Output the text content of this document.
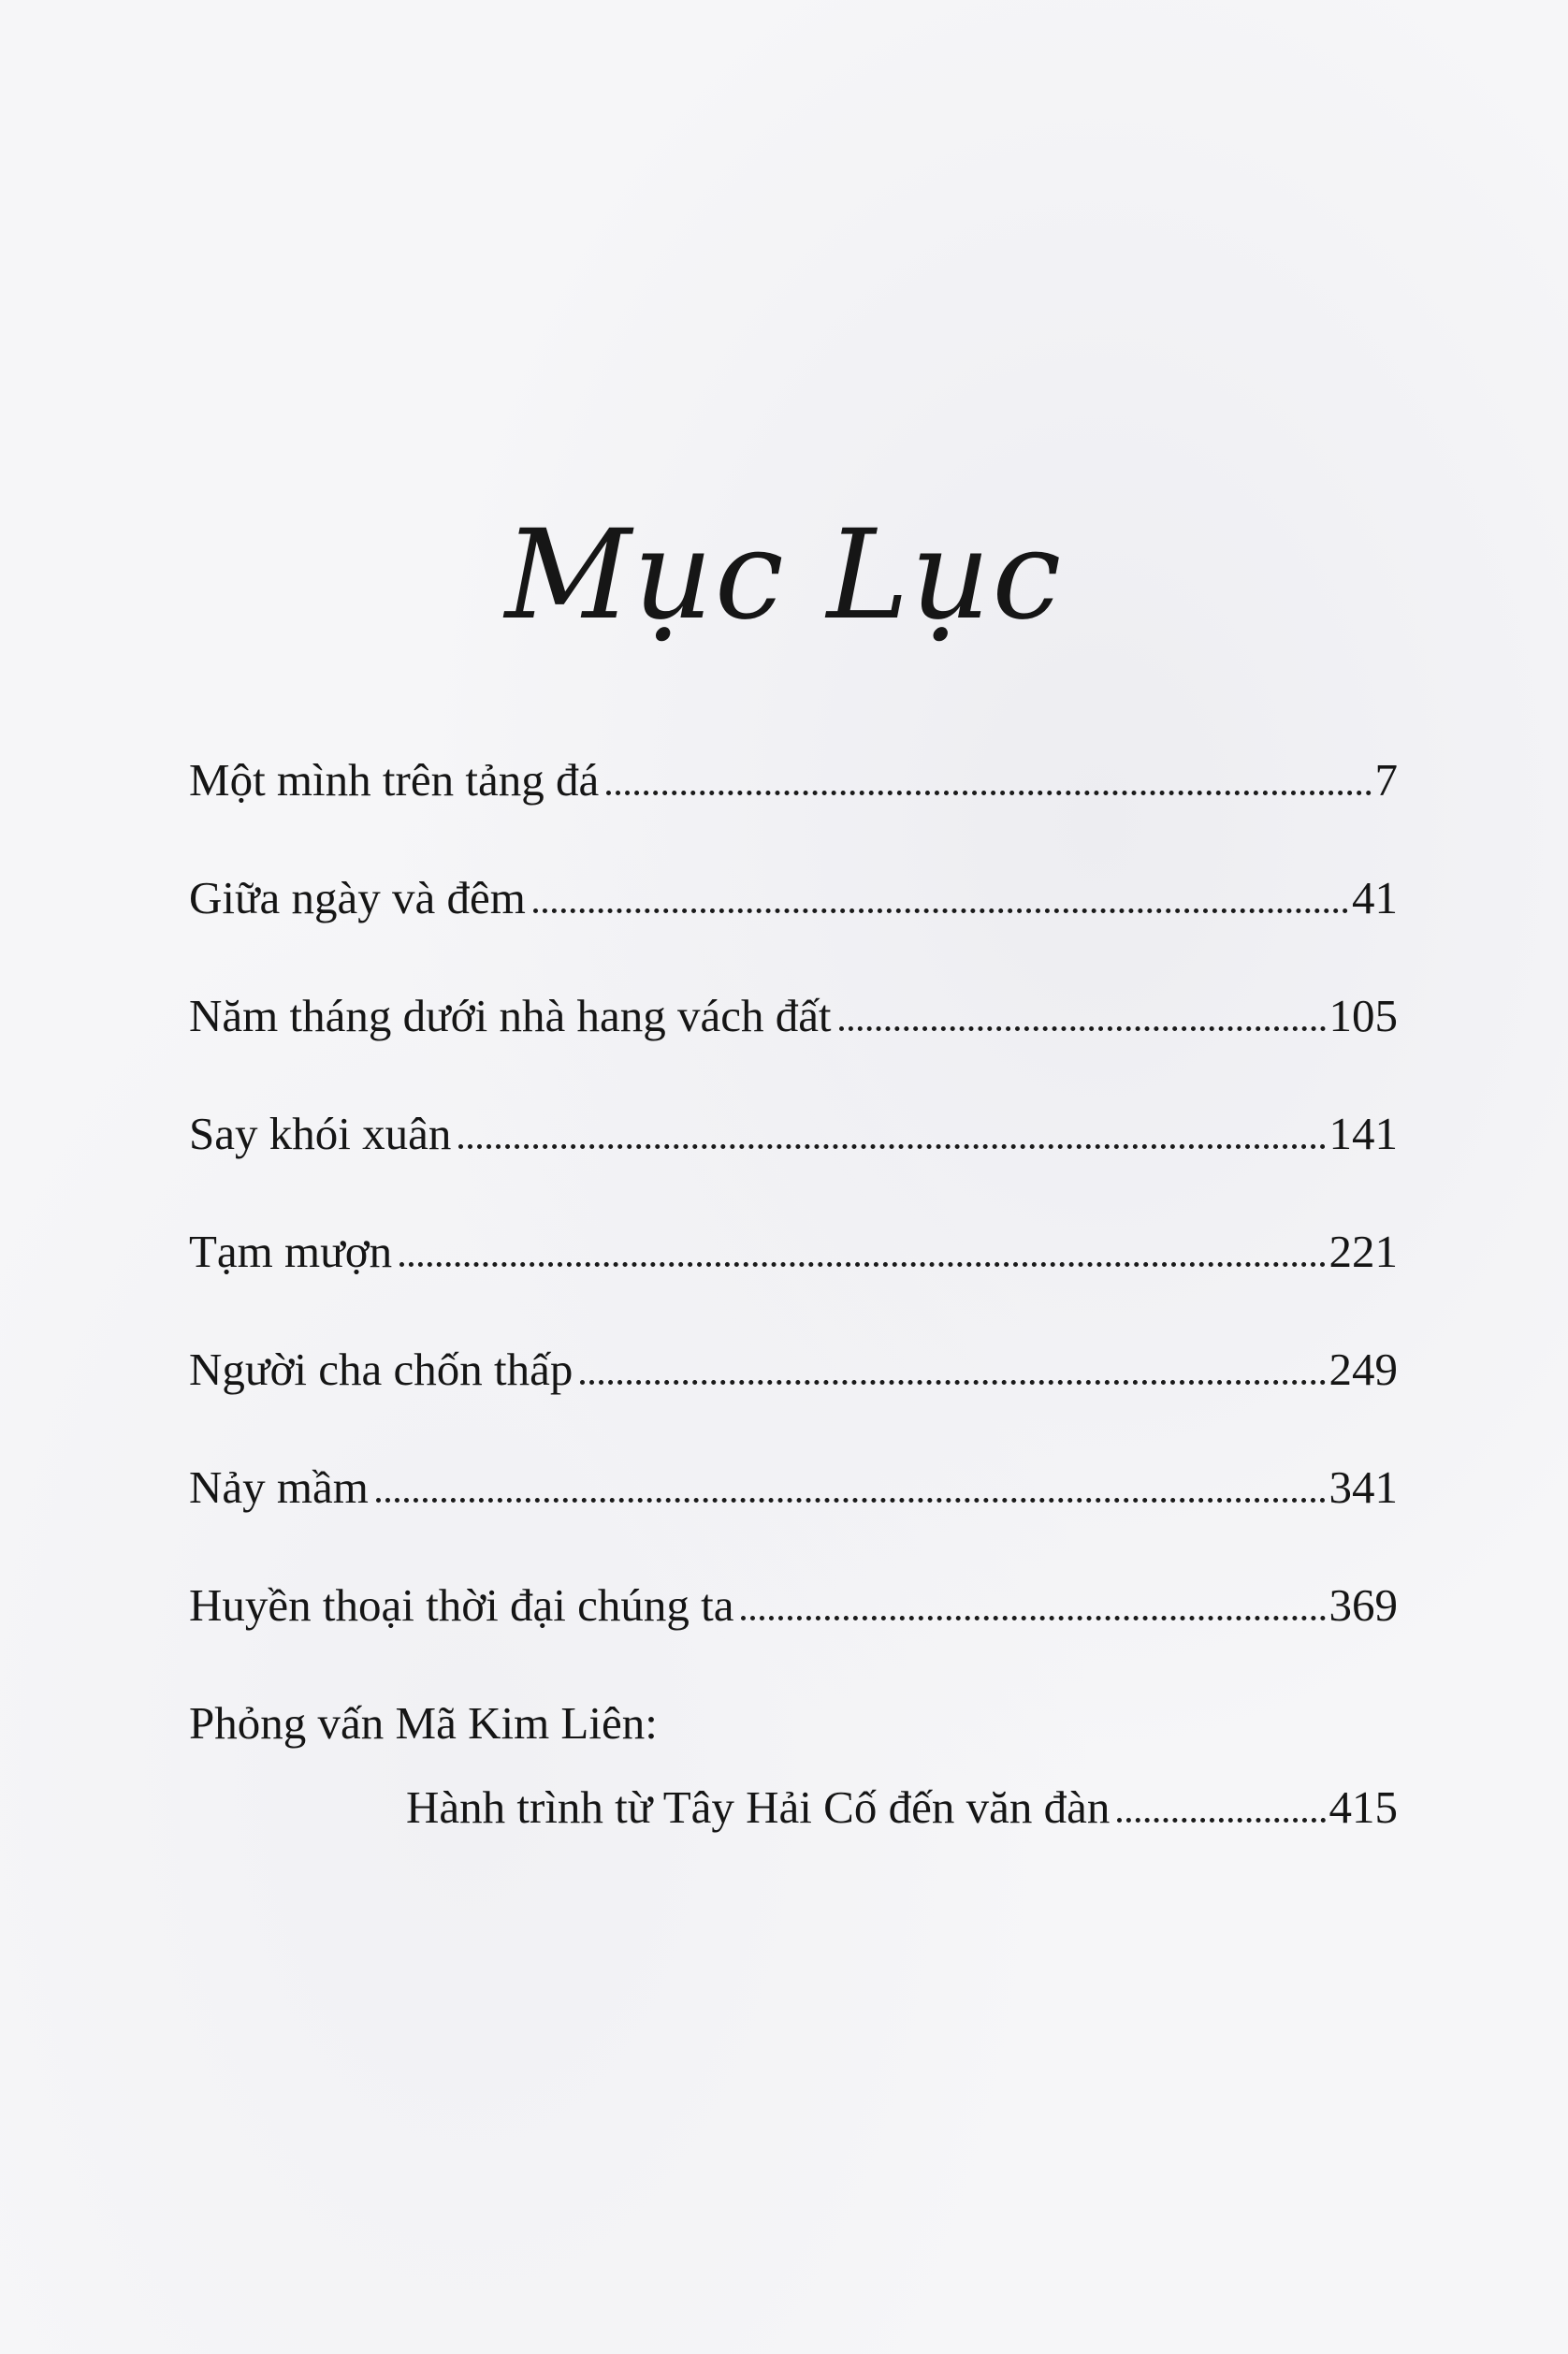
Mục Lục
Một mình trên tảng đá	7
Giữa ngày và đêm	41
Năm tháng dưới nhà hang vách đất	105
Say khói xuân	141
Tạm mượn	221
Người cha chốn thấp	249
Nảy mầm	341
Huyền thoại thời đại chúng ta	369
Phỏng vấn Mã Kim Liên:
Hành trình từ Tây Hải Cố đến văn đàn	415
